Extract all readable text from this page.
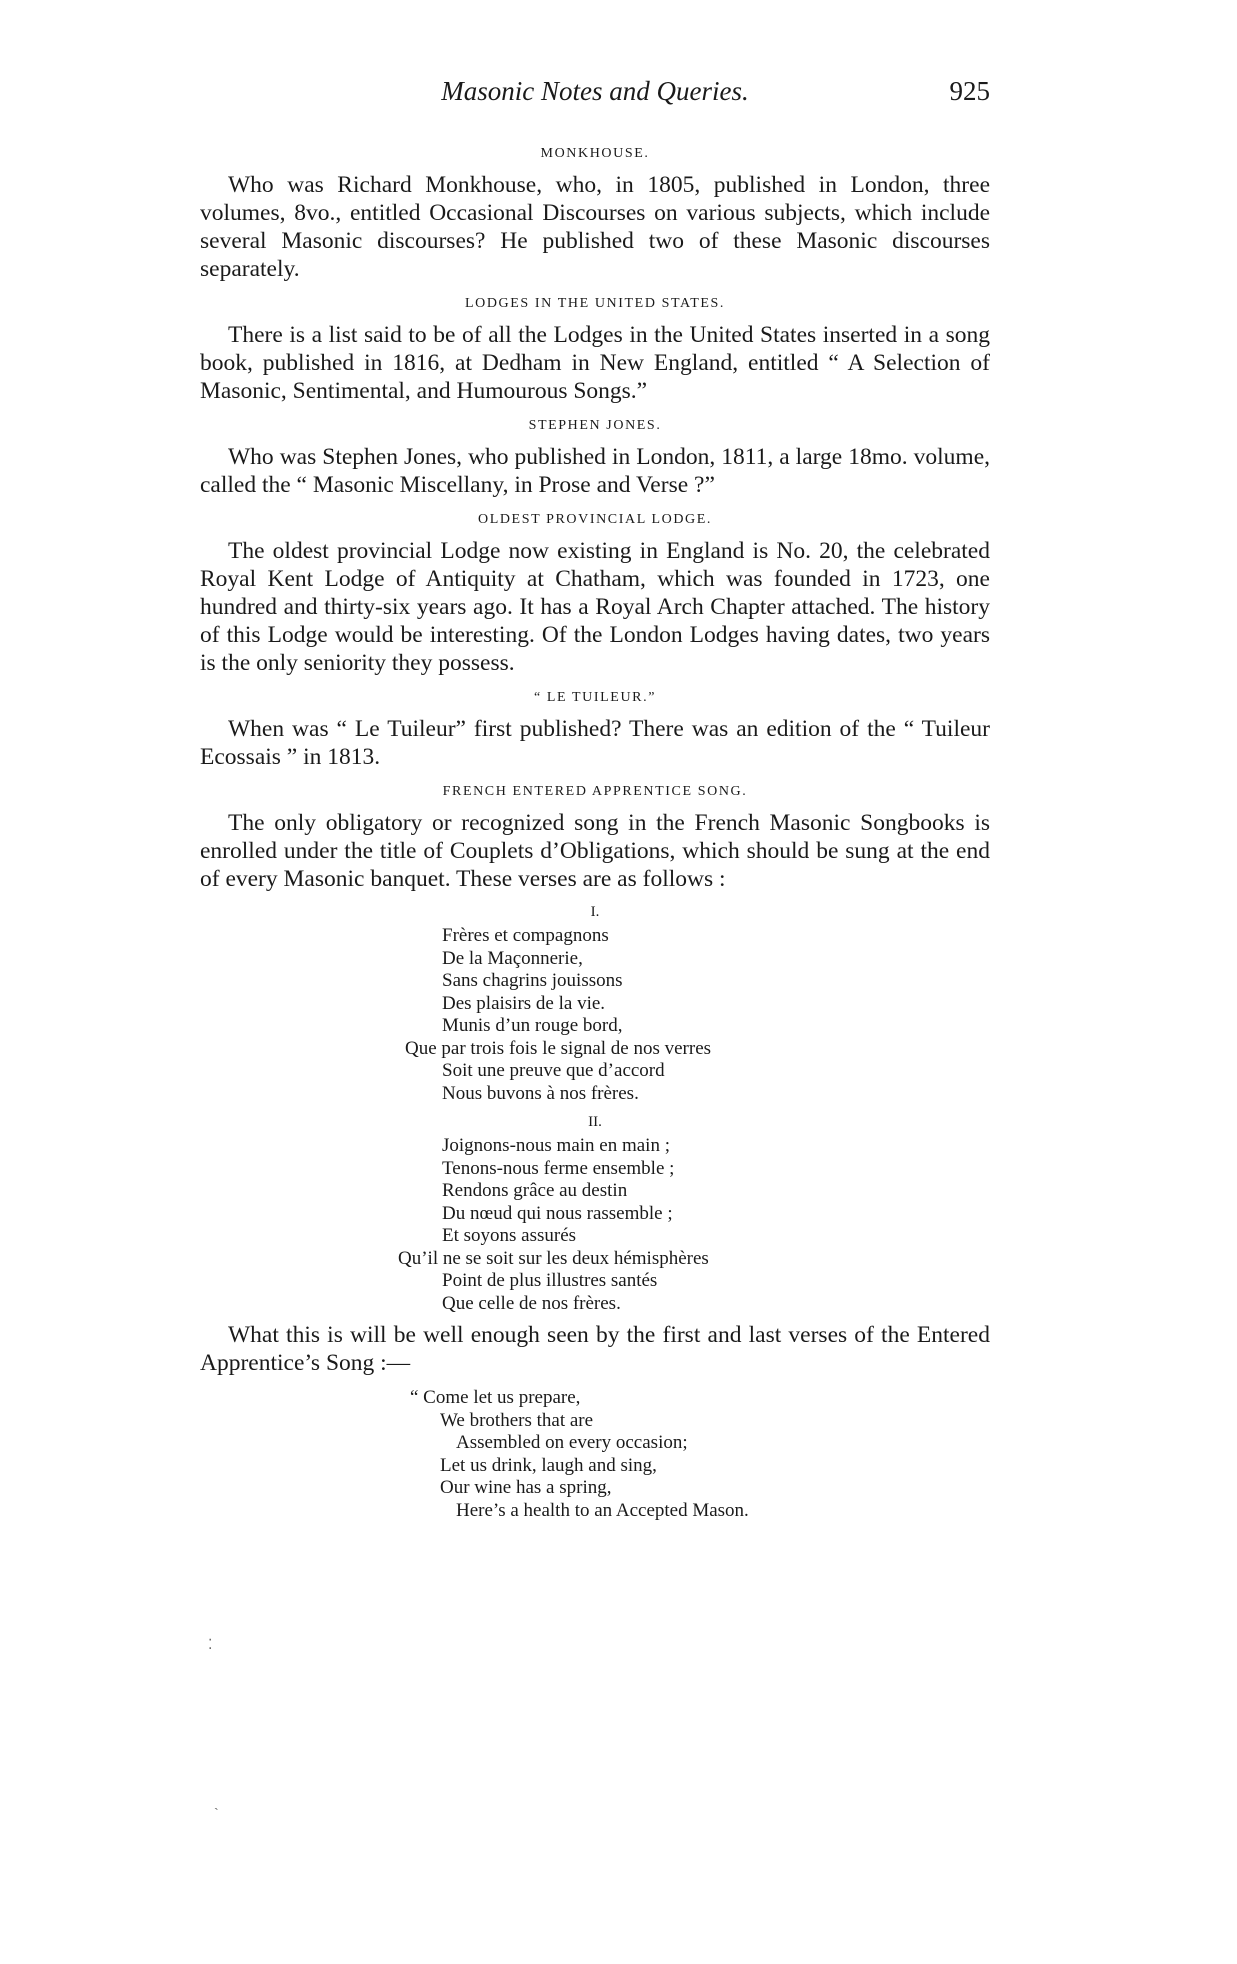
Masonic Notes and Queries.	925
MONKHOUSE.

Who was Richard Monkhouse, who, in 1805, published in London, three volumes, 8vo., entitled Occasional Discourses on various subjects, which include several Masonic discourses? He published two of these Masonic discourses separately.

LODGES IN THE UNITED STATES.

There is a list said to be of all the Lodges in the United States inserted in a song book, published in 1816, at Dedham in New England, entitled “ A Selection of Masonic, Sentimental, and Humourous Songs.”

STEPHEN JONES.

Who was Stephen Jones, who published in London, 1811, a large 18mo. volume, called the “ Masonic Miscellany, in Prose and Verse ?”

OLDEST PROVINCIAL LODGE.

The oldest provincial Lodge now existing in England is No. 20, the celebrated Royal Kent Lodge of Antiquity at Chatham, which was founded in 1723, one hundred and thirty-six years ago. It has a Royal Arch Chapter attached. The history of this Lodge would be interesting. Of the London Lodges having dates, two years is the only seniority they possess.

“ LE TUILEUR.”

When was “ Le Tuileur” first published? There was an edition of the “ Tuileur Ecossais ” in 1813.

FRENCH ENTERED APPRENTICE SONG.

The only obligatory or recognized song in the French Masonic Songbooks is enrolled under the title of Couplets d’Obligations, which should be sung at the end of every Masonic banquet. These verses are as follows :

I.
Frères et compagnons
De la Maçonnerie,
Sans chagrins jouissons
Des plaisirs de la vie.
Munis d’un rouge bord,
Que par trois fois le signal de nos verres
Soit une preuve que d’accord
Nous buvons à nos frères.
II.
Joignons-nous main en main ;
Tenons-nous ferme ensemble ;
Rendons grâce au destin
Du nœud qui nous rassemble ;
Et soyons assurés
Qu’il ne se soit sur les deux hémisphères
Point de plus illustres santés
Que celle de nos frères.

What this is will be well enough seen by the first and last verses of the Entered Apprentice’s Song :—

“ Come let us prepare,
We brothers that are
Assembled on every occasion;
Let us drink, laugh and sing,
Our wine has a spring,
Here’s a health to an Accepted Mason.
⁚
ˎ
